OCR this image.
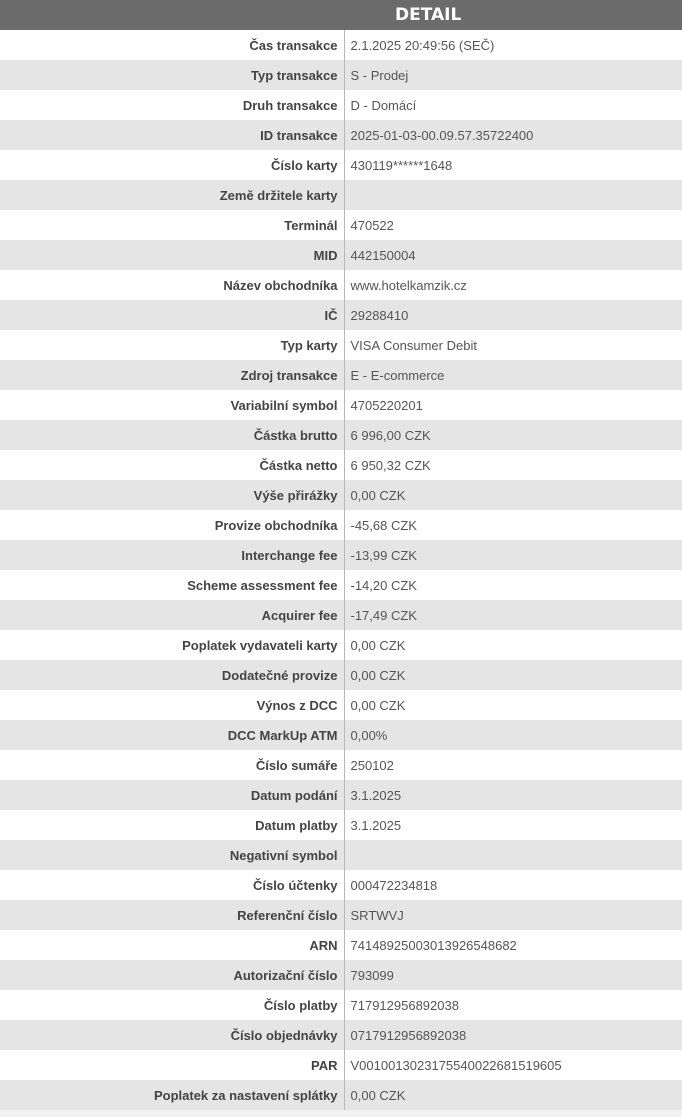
DETAIL
Čas transakce	2.1.2025 20:49:56 (SEČ)
Typ transakce	S - Prodej
Druh transakce	D - Domácí
ID transakce	2025-01-03-00.09.57.35722400
Číslo karty	430119******1648
Země držitele karty	
Terminál	470522
MID	442150004
Název obchodníka	www.hotelkamzik.cz
IČ	29288410
Typ karty	VISA Consumer Debit
Zdroj transakce	E - E-commerce
Variabilní symbol	4705220201
Částka brutto	6 996,00 CZK
Částka netto	6 950,32 CZK
Výše přirážky	0,00 CZK
Provize obchodníka	-45,68 CZK
Interchange fee	-13,99 CZK
Scheme assessment fee	-14,20 CZK
Acquirer fee	-17,49 CZK
Poplatek vydavateli karty	0,00 CZK
Dodatečné provize	0,00 CZK
Výnos z DCC	0,00 CZK
DCC MarkUp ATM	0,00%
Číslo sumáře	250102
Datum podání	3.1.2025
Datum platby	3.1.2025
Negativní symbol	
Číslo účtenky	000472234818
Referenční číslo	SRTWVJ
ARN	74148925003013926548682
Autorizační číslo	793099
Číslo platby	717912956892038
Číslo objednávky	0717912956892038
PAR	V0010013023175540022681519605
Poplatek za nastavení splátky	0,00 CZK
